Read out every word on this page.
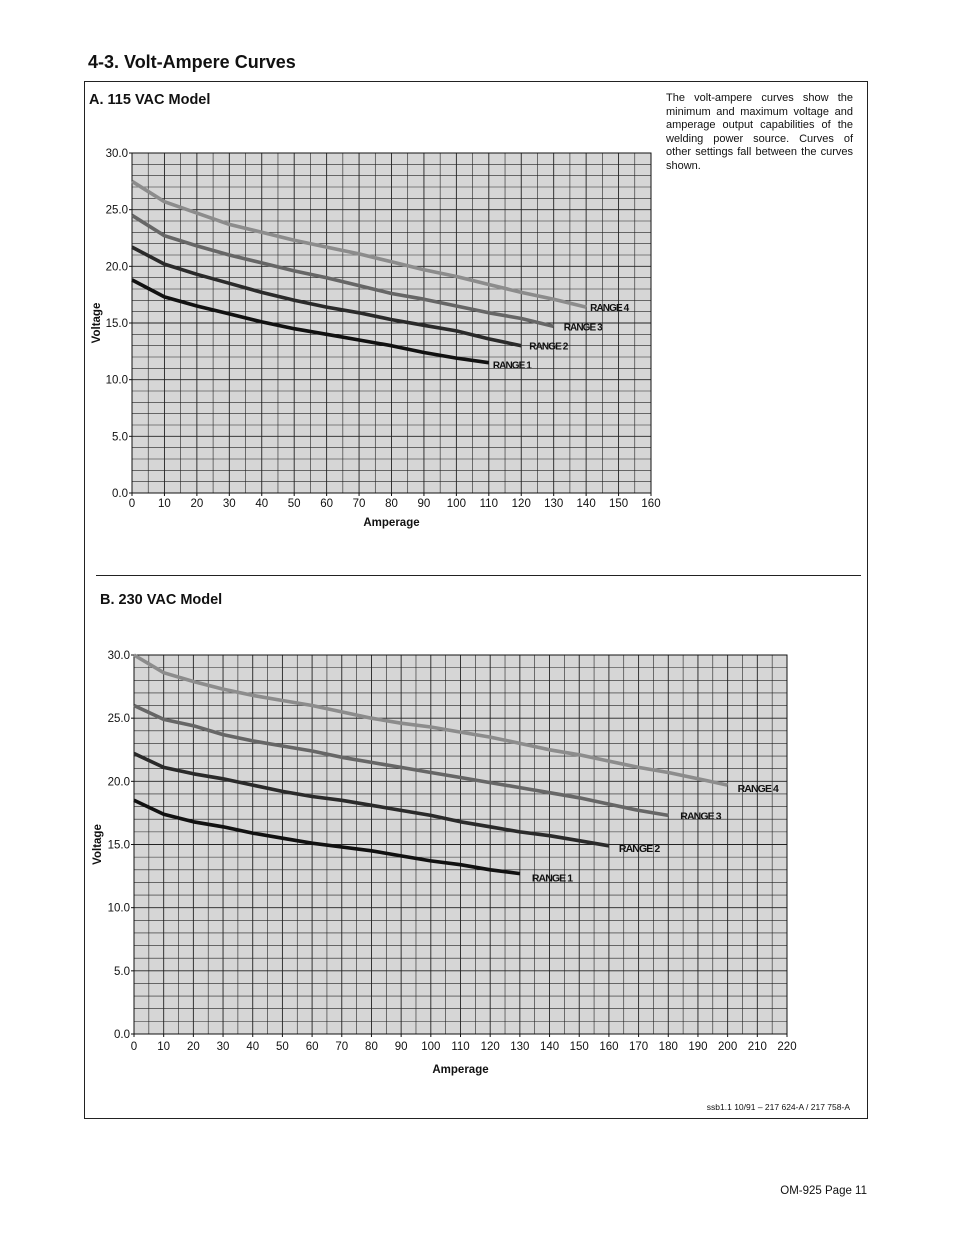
4-3. Volt-Ampere Curves
A. 115 VAC Model	The volt-ampere curves show the minimum and maximum voltage and amperage output capabilities of the welding power source. Curves of other settings fall between the curves shown.
B. 230 VAC Model
0 10 20 30 40 50 60 70 80 90 100 110 120 130 140 150 160
0.0
5.0
10.0
15.0
20.0
25.0
30.0
Amperage
Voltage
RANGE 1
RANGE 2
RANGE 3
RANGE 4
0 10 20 30 40 50 60 70 80 90 100 110 120 130 140 150 160 170 180 190 200 210 220
0.0
5.0
10.0
15.0
20.0
25.0
30.0
Amperage
Voltage
RANGE 1
RANGE 2
RANGE 3
RANGE 4
ssb1.1 10/91 – 217 624-A / 217 758-A
OM-925 Page 11
